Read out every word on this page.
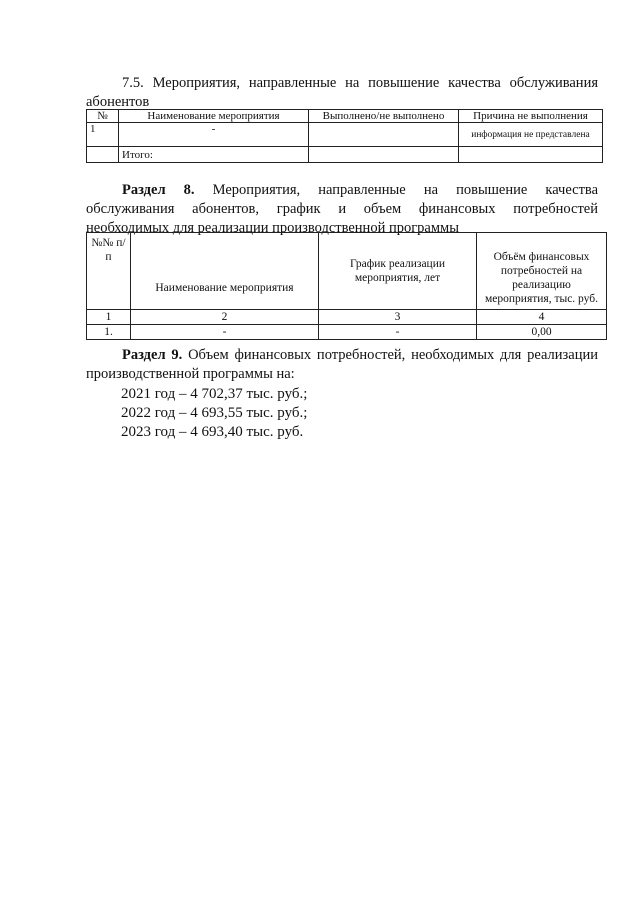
7.5. Мероприятия, направленные на повышение качества обслуживания абонентов
№	Наименование мероприятия	Выполнено/не выполнено	Причина не выполнения
1	-		информация не представлена
	Итого:		
Раздел 8. Мероприятия, направленные на повышение качества обслуживания абонентов, график и объем финансовых потребностей необходимых для реализации производственной программы
№№ п/п	Наименование мероприятия	График реализации мероприятия, лет	Объём финансовых потребностей на реализацию мероприятия, тыс. руб.
1	2	3	4
1.	-	-	0,00
Раздел 9. Объем финансовых потребностей, необходимых для реализации производственной программы на:
2021 год – 4 702,37 тыс. руб.;
2022 год – 4 693,55 тыс. руб.;
2023 год – 4 693,40 тыс. руб.
